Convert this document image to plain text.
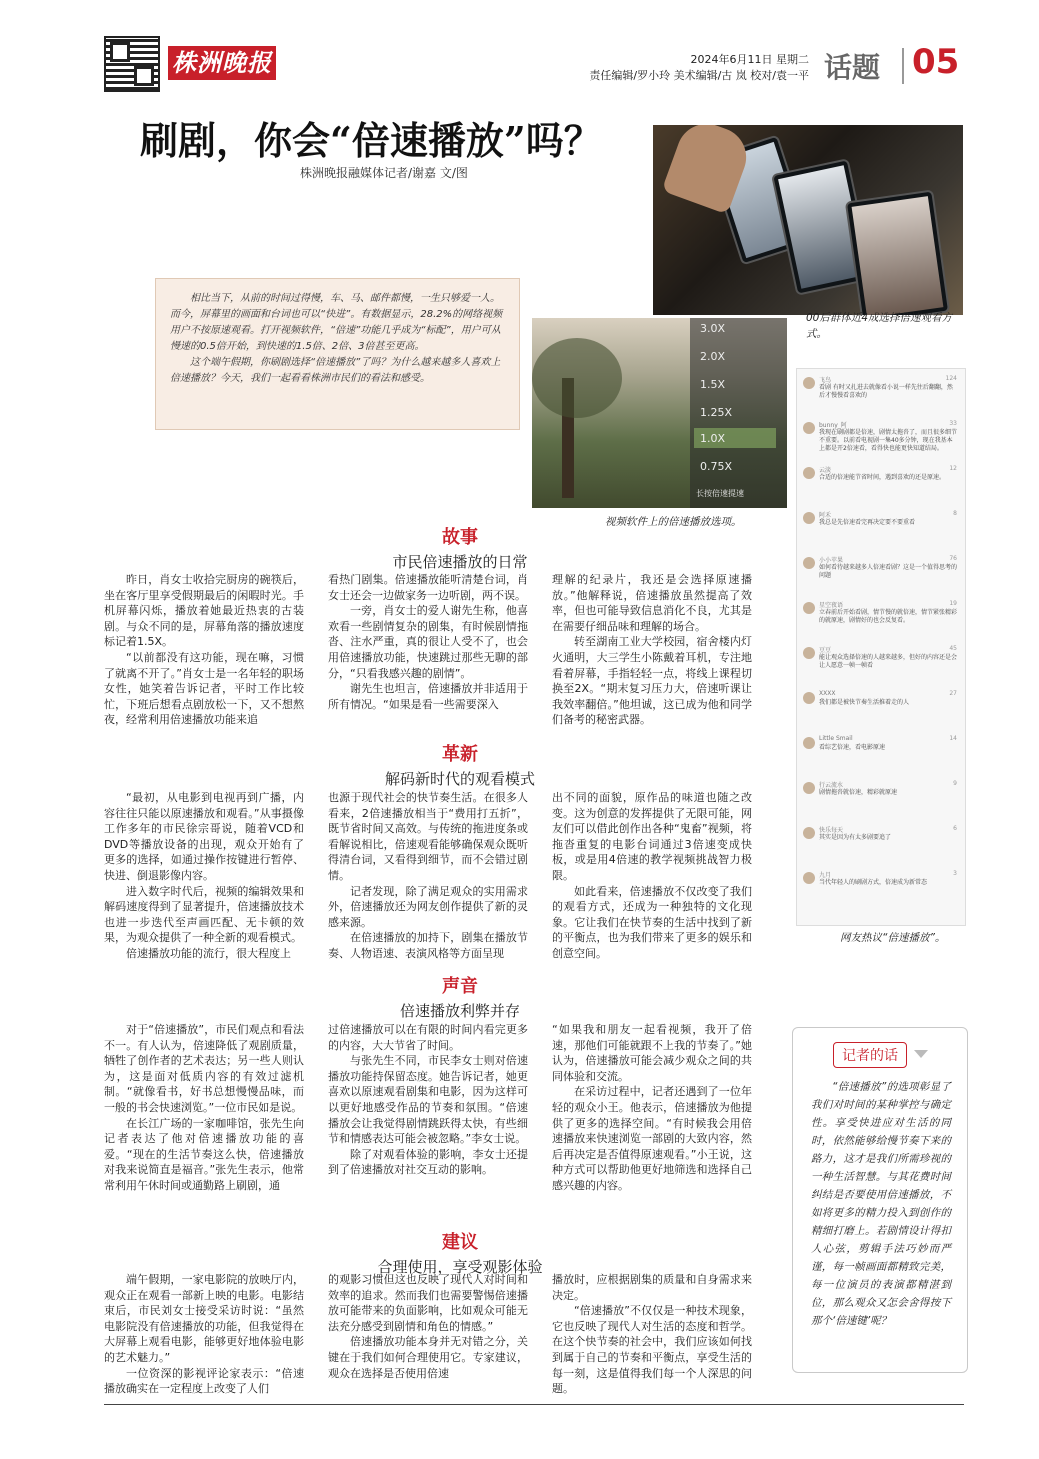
株洲晚报	2024年6月11日 星期二
责任编辑/罗小玲 美术编辑/古 岚 校对/袁一平 话题 05
刷剧，你会“倍速播放”吗？
株洲晚报融媒体记者/谢嘉 文/图
00后群体近4成选择倍速观看方式。

相比当下，从前的时间过得慢，车、马、邮件都慢，一生只够爱一人。而今，屏幕里的画面和台词也可以“快进”。有数据显示，28.2%的网络视频用户不按原速观看。打开视频软件，“倍速”功能几乎成为“标配”，用户可从慢速的0.5倍开始，到快速的1.5倍、2倍、3倍甚至更高。

这个端午假期，你刷剧选择“倍速播放”了吗？为什么越来越多人喜欢上倍速播放？今天，我们一起看看株洲市民们的看法和感受。

3.0X
2.0X
1.5X
1.25X
1.0X
0.75X
长按倍速提速
视频软件上的倍速播放选项。
飞鸟	124
看剧 有时又扎进去就像看小说一样先往后翻翻，然后才慢慢看喜欢的
bunny_阿	33
我现在刷剧都是倍速，剧情太拖沓了，而且很多细节不重要。以前看电视剧一集40多分钟，现在我基本上都是开2倍速看，看得快也能更快知道结局。
云淡	12
合适的倍速能节省时间，遇到喜欢的还是原速。
阿禾	8
我总是先倍速看完再决定要不要重看
小小苹果	76
如何看待越来越多人倍速看剧？这是一个值得思考的问题
星空夜语	19
立春前后开始看剧，情节慢的就倍速，情节紧张精彩的就原速，剧情好的也会反复看。
豆豆	45
能让观众选择倍速的人越来越多，但好的内容还是会让人愿意一帧一帧看
XXXX	27
我们都是被快节奏生活推着走的人
Little Smail	14
看综艺倍速，看电影原速
行云流水	9
剧情拖沓就倍速，精彩就原速
快乐每天	6
其实是因为有太多剧要追了
九月	3
当代年轻人的刷剧方式，倍速成为新常态
网友热议“倍速播放”。
故事
市民倍速播放的日常

昨日，肖女士收拾完厨房的碗筷后，坐在客厅里享受假期最后的闲暇时光。手机屏幕闪烁，播放着她最近热衷的古装剧。与众不同的是，屏幕角落的播放速度标记着1.5X。

“以前都没有这功能，现在嘛，习惯了就离不开了。”肖女士是一名年轻的职场女性，她笑着告诉记者，平时工作比较忙，下班后想看点剧放松一下，又不想熬夜，经常利用倍速播放功能来追

看热门剧集。倍速播放能听清楚台词，肖女士还会一边做家务一边听剧，两不误。

一旁，肖女士的爱人谢先生称，他喜欢看一些剧情复杂的剧集，有时候剧情拖沓、注水严重，真的很让人受不了，也会用倍速播放功能，快速跳过那些无聊的部分，“只看我感兴趣的剧情”。

谢先生也坦言，倍速播放并非适用于所有情况。“如果是看一些需要深入

理解的纪录片，我还是会选择原速播放。”他解释说，倍速播放虽然提高了效率，但也可能导致信息消化不良，尤其是在需要仔细品味和理解的场合。

转至湖南工业大学校园，宿舍楼内灯火通明，大三学生小陈戴着耳机，专注地看着屏幕，手指轻轻一点，将线上课程切换至2X。“期末复习压力大，倍速听课让我效率翻倍。”他坦诚，这已成为他和同学们备考的秘密武器。

革新
解码新时代的观看模式

“最初，从电影到电视再到广播，内容往往只能以原速播放和观看。”从事摄像工作多年的市民徐宗哥说，随着VCD和DVD等播放设备的出现，观众开始有了更多的选择，如通过操作按键进行暂停、快进、倒退影像内容。

进入数字时代后，视频的编辑效果和解码速度得到了显著提升，倍速播放技术也进一步迭代至声画匹配、无卡顿的效果，为观众提供了一种全新的观看模式。

倍速播放功能的流行，很大程度上

也源于现代社会的快节奏生活。在很多人看来，2倍速播放相当于“费用打五折”，既节省时间又高效。与传统的拖进度条或看解说相比，倍速观看能够确保观众既听得清台词，又看得到细节，而不会错过剧情。

记者发现，除了满足观众的实用需求外，倍速播放还为网友创作提供了新的灵感来源。

在倍速播放的加持下，剧集在播放节奏、人物语速、表演风格等方面呈现

出不同的面貌，原作品的味道也随之改变。这为创意的发挥提供了无限可能，网友们可以借此创作出各种“鬼畜”视频，将拖沓重复的电影台词通过3倍速变成快板，或是用4倍速的教学视频挑战智力极限。

如此看来，倍速播放不仅改变了我们的观看方式，还成为一种独特的文化现象。它让我们在快节奏的生活中找到了新的平衡点，也为我们带来了更多的娱乐和创意空间。

声音
倍速播放利弊并存

对于“倍速播放”，市民们观点和看法不一。有人认为，倍速降低了观剧质量，牺牲了创作者的艺术表达；另一些人则认为，这是面对低质内容的有效过滤机制。“就像看书，好书总想慢慢品味，而一般的书会快速浏览。”一位市民如是说。

在长江广场的一家咖啡馆，张先生向记者表达了他对倍速播放功能的喜爱。“现在的生活节奏这么快，倍速播放对我来说简直是福音。”张先生表示，他常常利用午休时间或通勤路上刷剧，通

过倍速播放可以在有限的时间内看完更多的内容，大大节省了时间。

与张先生不同，市民李女士则对倍速播放功能持保留态度。她告诉记者，她更喜欢以原速观看剧集和电影，因为这样可以更好地感受作品的节奏和氛围。“倍速播放会让我觉得剧情跳跃得太快，有些细节和情感表达可能会被忽略。”李女士说。

除了对观看体验的影响，李女士还提到了倍速播放对社交互动的影响。

“如果我和朋友一起看视频，我开了倍速，那他们可能就跟不上我的节奏了。”她认为，倍速播放可能会减少观众之间的共同体验和交流。

在采访过程中，记者还遇到了一位年轻的观众小王。他表示，倍速播放为他提供了更多的选择空间。“有时候我会用倍速播放来快速浏览一部剧的大致内容，然后再决定是否值得原速观看。”小王说，这种方式可以帮助他更好地筛选和选择自己感兴趣的内容。

建议
合理使用，享受观影体验

端午假期，一家电影院的放映厅内，观众正在观看一部新上映的电影。电影结束后，市民刘女士接受采访时说：“虽然电影院没有倍速播放的功能，但我觉得在大屏幕上观看电影，能够更好地体验电影的艺术魅力。”

一位资深的影视评论家表示：“倍速播放确实在一定程度上改变了人们

的观影习惯但这也反映了现代人对时间和效率的追求。然而我们也需要警惕倍速播放可能带来的负面影响，比如观众可能无法充分感受到剧情和角色的情感。”

倍速播放功能本身并无对错之分，关键在于我们如何合理使用它。专家建议，观众在选择是否使用倍速

播放时，应根据剧集的质量和自身需求来决定。

“倍速播放”不仅仅是一种技术现象，它也反映了现代人对生活的态度和哲学。在这个快节奏的社会中，我们应该如何找到属于自己的节奏和平衡点，享受生活的每一刻，这是值得我们每一个人深思的问题。

记者的话

“倍速播放”的选项彰显了我们对时间的某种掌控与确定性。享受快进应对生活的同时，依然能够给慢节奏下来的路力，这才是我们所需珍视的一种生活智慧。与其花费时间纠结是否要使用倍速播放，不如将更多的精力投入到创作的精细打磨上。若剧情设计得扣人心弦，剪辑手法巧妙而严谨，每一帧画面都精致完美，每一位演员的表演都精湛到位，那么观众又怎会舍得按下那个‘倍速键’呢？
